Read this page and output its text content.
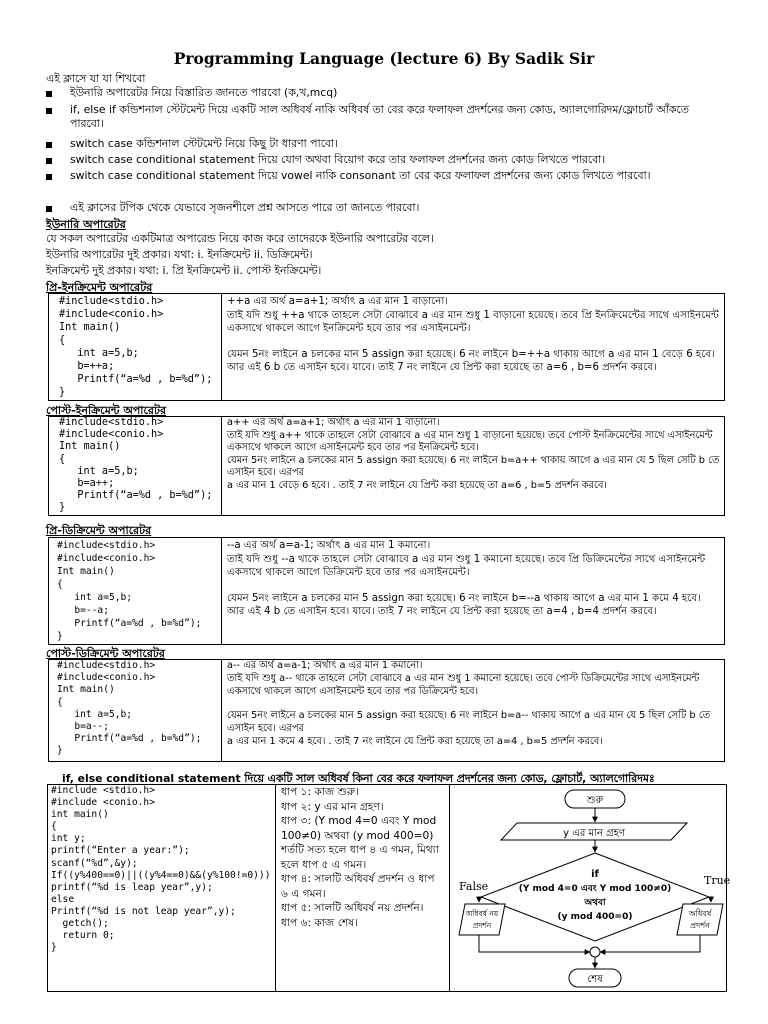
Programming Language (lecture 6) By Sadik Sir
এই ক্লাসে যা যা শিখবো
ইউনারি অপারেটর নিয়ে বিস্তারিত জানতে পারবো (ক,খ,mcq)
if, else if কন্ডিশনাল স্টেটমেন্ট দিয়ে একটি সাল অধিবর্ষ নাকি অধিবর্ষ তা বের করে ফলাফল প্রদর্শনের জন্য কোড, অ্যালগোরিদম/ফ্লোচার্ট আঁকতে পারবো।
switch case কন্ডিশনাল স্টেটমেন্ট নিয়ে কিছু টা ধারণা পাবো।
switch case conditional statement দিয়ে যোগ অথবা বিয়োগ করে তার ফলাফল প্রদর্শনের জন্য কোড লিখতে পারবো।
switch case conditional statement দিয়ে vowel নাকি consonant তা বের করে ফলাফল প্রদর্শনের জন্য কোড লিখতে পারবো।
এই ক্লাসের টপিক থেকে যেভাবে সৃজনশীলে প্রশ্ন আসতে পারে তা জানতে পারবো।
ইউনারি অপারেটর
যে সকল অপারেটর একটিমাত্র অপারেন্ড নিয়ে কাজ করে তাদেরকে ইউনারি অপারেটর বলে।
ইউনারি অপারেটর দুই প্রকার। যথা: i. ইনক্রিমেন্ট ii. ডিক্রিমেন্ট।
ইনক্রিমেন্ট দুই প্রকার। যথা: i. প্রি ইনক্রিমেন্ট ii. পোস্ট ইনক্রিমেন্ট।
প্রি-ইনক্রিমেন্ট অপারেটর
#include<stdio.h>
#include<conio.h>
Int main()
{
int a=5,b;
b=++a;
Printf(“a=%d , b=%d”);
}

++a এর অর্থ a=a+1; অর্থাৎ a এর মান 1 বাড়ানো।

তাই যদি শুধু ++a থাকে তাহলে সেটা বোঝাবে a এর মান শুধু 1 বাড়ানো হয়েছে। তবে প্রি ইনক্রিমেন্টের সাথে এসাইনমেন্ট একসাথে থাকলে আগে ইনক্রিমেন্ট হবে তার পর এসাইনমেন্ট।

যেমন 5নং লাইনে a চলকের মান 5 assign করা হয়েছে। 6 নং লাইনে b=++a থাকায় আগে a এর মান 1 বেড়ে 6 হবে। আর এই 6 b তে এসাইন হবে। যাবে। তাই 7 নং লাইনে যে প্রিন্ট করা হয়েছে তা a=6 , b=6 প্রদর্শন করবে।

পোস্ট-ইনক্রিমেন্ট অপারেটর
#include<stdio.h>
#include<conio.h>
Int main()
{
int a=5,b;
b=a++;
Printf(“a=%d , b=%d”);
}

a++ এর অর্থ a=a+1; অর্থাৎ a এর মান 1 বাড়ানো।

তাই যদি শুধু a++ থাকে তাহলে সেটা বোঝাবে a এর মান শুধু 1 বাড়ানো হয়েছে। তবে পোস্ট ইনক্রিমেন্টের সাথে এসাইনমেন্ট একসাথে থাকলে আগে এসাইনমেন্ট হবে তার পর ইনক্রিমেন্ট হবে।

যেমন 5নং লাইনে a চলকের মান 5 assign করা হয়েছে। 6 নং লাইনে b=a++ থাকায় আগে a এর মান যে 5 ছিল সেটি b তে এসাইন হবে। এরপর

a এর মান 1 বেড়ে 6 হবে। . তাই 7 নং লাইনে যে প্রিন্ট করা হয়েছে তা a=6 , b=5 প্রদর্শন করবে।

প্রি-ডিক্রিমেন্ট অপারেটর
#include<stdio.h>
#include<conio.h>
Int main()
{
int a=5,b;
b=--a;
Printf(“a=%d , b=%d”);
}

--a এর অর্থ a=a-1; অর্থাৎ a এর মান 1 কমানো।

তাই যদি শুধু --a থাকে তাহলে সেটা বোঝাবে a এর মান শুধু 1 কমানো হয়েছে। তবে প্রি ডিক্রিমেন্টের সাথে এসাইনমেন্ট একসাথে থাকলে আগে ডিক্রিমেন্ট হবে তার পর এসাইনমেন্ট।

যেমন 5নং লাইনে a চলকের মান 5 assign করা হয়েছে। 6 নং লাইনে b=--a থাকায় আগে a এর মান 1 কমে 4 হবে। আর এই 4 b তে এসাইন হবে। যাবে। তাই 7 নং লাইনে যে প্রিন্ট করা হয়েছে তা a=4 , b=4 প্রদর্শন করবে।

পোস্ট-ডিক্রিমেন্ট অপারেটর
#include<stdio.h>
#include<conio.h>
Int main()
{
int a=5,b;
b=a--;
Printf(“a=%d , b=%d”);
}

a-- এর অর্থ a=a-1; অর্থাৎ a এর মান 1 কমানো।

তাই যদি শুধু a-- থাকে তাহলে সেটা বোঝাবে a এর মান শুধু 1 কমানো হয়েছে। তবে পোস্ট ডিক্রিমেন্টের সাথে এসাইনমেন্ট একসাথে থাকলে আগে এসাইনমেন্ট হবে তার পর ডিক্রিমেন্ট হবে।

যেমন 5নং লাইনে a চলকের মান 5 assign করা হয়েছে। 6 নং লাইনে b=a-- থাকায় আগে a এর মান যে 5 ছিল সেটি b তে এসাইন হবে। এরপর

a এর মান 1 কমে 4 হবে। . তাই 7 নং লাইনে যে প্রিন্ট করা হয়েছে তা a=4 , b=5 প্রদর্শন করবে।

if, else conditional statement দিয়ে একটি সাল অধিবর্ষ কিনা বের করে ফলাফল প্রদর্শনের জন্য কোড, ফ্লোচার্ট, অ্যালগোরিদমঃ
#include <stdio.h>
#include <conio.h>
int main()
{
int y;
printf(“Enter a year:”);
scanf(“%d”,&y);
If((y%400==0)||((y%4==0)&&(y%100!=0)))
printf(“%d is leap year”,y);
else
Printf(“%d is not leap year”,y);
getch();
return 0;
}

ধাপ ১: কাজ শুরু।

ধাপ ২: y এর মান গ্রহণ।

ধাপ ৩: (Y mod 4=0 এবং Y mod 100≠0) অথবা (y mod 400=0) শর্তটি সত্য হলে ধাপ ৪ এ গমন, মিথ্যা হলে ধাপ ৫ এ গমন।

ধাপ ৪: সালটি অধিবর্ষ প্রদর্শন ও ধাপ ৬ এ গমন।

ধাপ ৫: সালটি অধিবর্ষ নয় প্রদর্শন।

ধাপ ৬: কাজ শেষ।

শুরু
y এর মান গ্রহণ
if
(Y mod 4=0 এবং Y mod 100≠0)
অথবা
(y mod 400=0)
False	True
অধিবর্ষ নয়
প্রদর্শন
অধিবর্ষ
প্রদর্শন
শেষ
